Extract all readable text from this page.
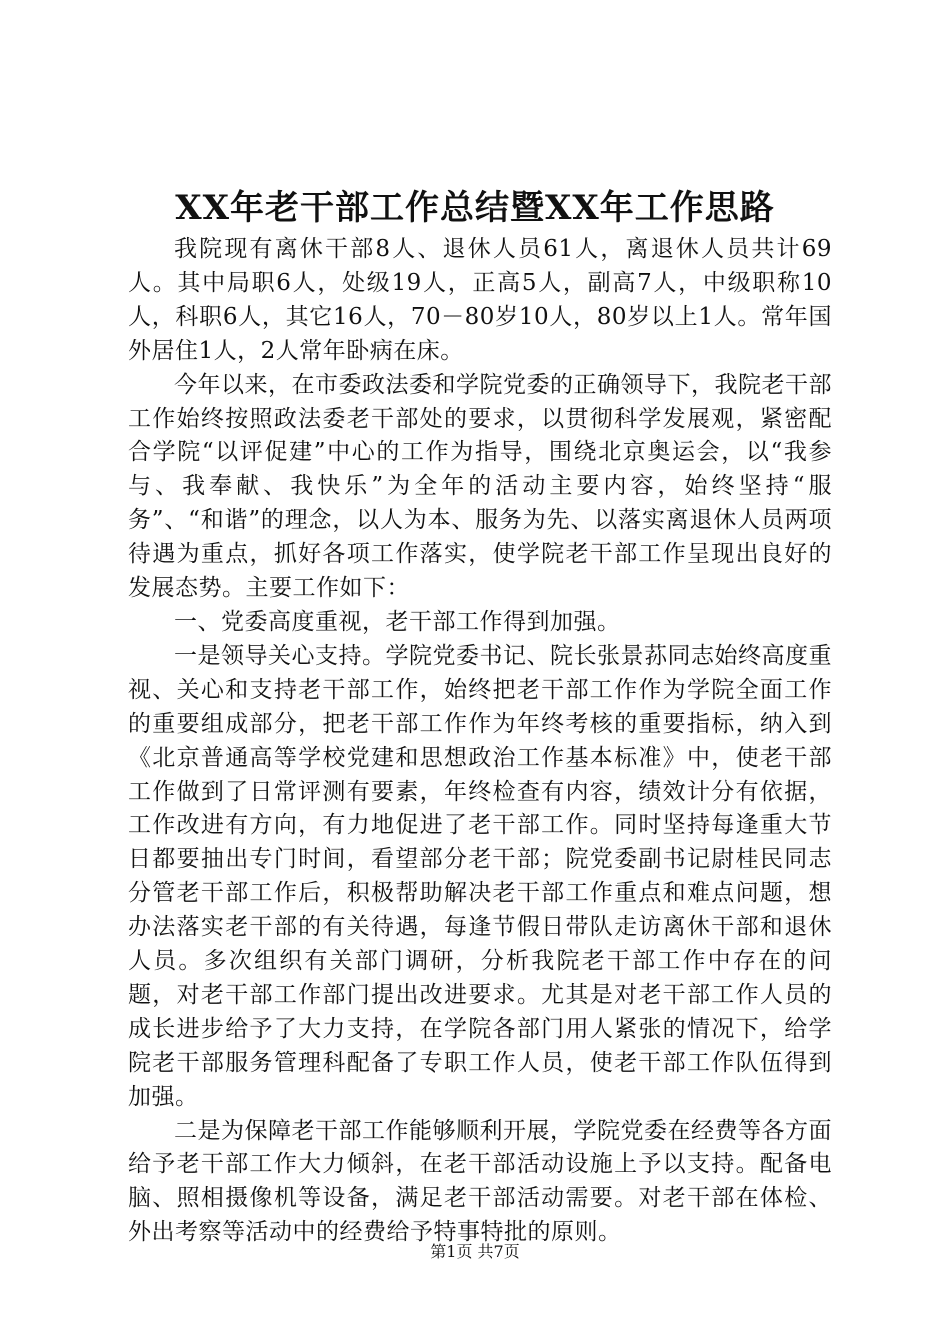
XX年老干部工作总结暨XX年工作思路

我院现有离休干部8人、退休人员61人，离退休人员共计69人。其中局职6人，处级19人，正高5人，副高7人，中级职称10人，科职6人，其它16人，70－80岁10人，80岁以上1人。常年国外居住1人，2人常年卧病在床。

今年以来，在市委政法委和学院党委的正确领导下，我院老干部工作始终按照政法委老干部处的要求，以贯彻科学发展观，紧密配合学院“以评促建”中心的工作为指导，围绕北京奥运会，以“我参与、我奉献、我快乐”为全年的活动主要内容，始终坚持“服务”、“和谐”的理念，以人为本、服务为先、以落实离退休人员两项待遇为重点，抓好各项工作落实，使学院老干部工作呈现出良好的发展态势。主要工作如下：

一、党委高度重视，老干部工作得到加强。

一是领导关心支持。学院党委书记、院长张景荪同志始终高度重视、关心和支持老干部工作，始终把老干部工作作为学院全面工作的重要组成部分，把老干部工作作为年终考核的重要指标，纳入到《北京普通高等学校党建和思想政治工作基本标准》中，使老干部工作做到了日常评测有要素，年终检查有内容，绩效计分有依据，工作改进有方向，有力地促进了老干部工作。同时坚持每逢重大节日都要抽出专门时间，看望部分老干部；院党委副书记尉桂民同志分管老干部工作后，积极帮助解决老干部工作重点和难点问题，想办法落实老干部的有关待遇，每逢节假日带队走访离休干部和退休人员。多次组织有关部门调研，分析我院老干部工作中存在的问题，对老干部工作部门提出改进要求。尤其是对老干部工作人员的成长进步给予了大力支持，在学院各部门用人紧张的情况下，给学院老干部服务管理科配备了专职工作人员，使老干部工作队伍得到加强。

二是为保障老干部工作能够顺利开展，学院党委在经费等各方面给予老干部工作大力倾斜，在老干部活动设施上予以支持。配备电脑、照相摄像机等设备，满足老干部活动需要。对老干部在体检、外出考察等活动中的经费给予特事特批的原则。

第1页 共7页
